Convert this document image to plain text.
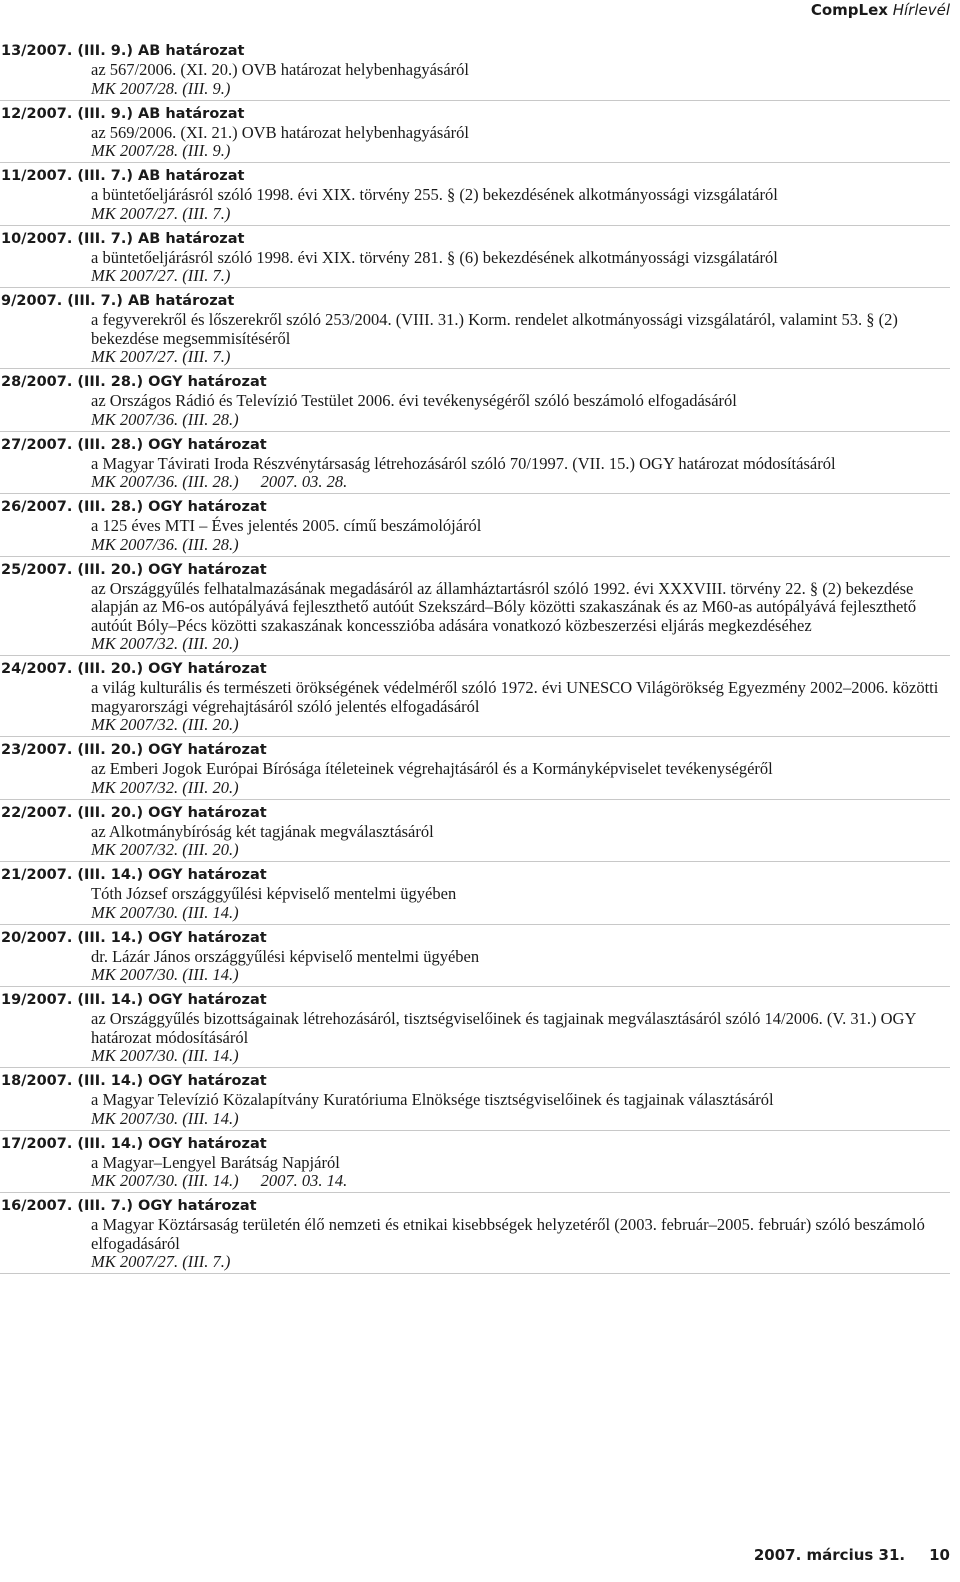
CompLex Hírlevél
13/2007. (III. 9.) AB határozat
az 567/2006. (XI. 20.) OVB határozat helybenhagyásáról
MK 2007/28. (III. 9.)
12/2007. (III. 9.) AB határozat
az 569/2006. (XI. 21.) OVB határozat helybenhagyásáról
MK 2007/28. (III. 9.)
11/2007. (III. 7.) AB határozat
a büntetőeljárásról szóló 1998. évi XIX. törvény 255. § (2) bekezdésének alkotmányossági vizsgálatáról
MK 2007/27. (III. 7.)
10/2007. (III. 7.) AB határozat
a büntetőeljárásról szóló 1998. évi XIX. törvény 281. § (6) bekezdésének alkotmányossági vizsgálatáról
MK 2007/27. (III. 7.)
9/2007. (III. 7.) AB határozat
a fegyverekről és lőszerekről szóló 253/2004. (VIII. 31.) Korm. rendelet alkotmányossági vizsgálatáról, valamint 53. § (2) bekezdése megsemmisítéséről
MK 2007/27. (III. 7.)
28/2007. (III. 28.) OGY határozat
az Országos Rádió és Televízió Testület 2006. évi tevékenységéről szóló beszámoló elfogadásáról
MK 2007/36. (III. 28.)
27/2007. (III. 28.) OGY határozat
a Magyar Távirati Iroda Részvénytársaság létrehozásáról szóló 70/1997. (VII. 15.) OGY határozat módosításáról
MK 2007/36. (III. 28.) 2007. 03. 28.
26/2007. (III. 28.) OGY határozat
a 125 éves MTI – Éves jelentés 2005. című beszámolójáról
MK 2007/36. (III. 28.)
25/2007. (III. 20.) OGY határozat
az Országgyűlés felhatalmazásának megadásáról az államháztartásról szóló 1992. évi XXXVIII. törvény 22. § (2) bekezdése alapján az M6-os autópályává fejleszthető autóút Szekszárd–Bóly közötti szakaszának és az M60-as autópályává fejleszthető autóút Bóly–Pécs közötti szakaszának koncesszióba adására vonatkozó közbeszerzési eljárás megkezdéséhez
MK 2007/32. (III. 20.)
24/2007. (III. 20.) OGY határozat
a világ kulturális és természeti örökségének védelméről szóló 1972. évi UNESCO Világörökség Egyezmény 2002–2006. közötti magyarországi végrehajtásáról szóló jelentés elfogadásáról
MK 2007/32. (III. 20.)
23/2007. (III. 20.) OGY határozat
az Emberi Jogok Európai Bírósága ítéleteinek végrehajtásáról és a Kormányképviselet tevékenységéről
MK 2007/32. (III. 20.)
22/2007. (III. 20.) OGY határozat
az Alkotmánybíróság két tagjának megválasztásáról
MK 2007/32. (III. 20.)
21/2007. (III. 14.) OGY határozat
Tóth József országgyűlési képviselő mentelmi ügyében
MK 2007/30. (III. 14.)
20/2007. (III. 14.) OGY határozat
dr. Lázár János országgyűlési képviselő mentelmi ügyében
MK 2007/30. (III. 14.)
19/2007. (III. 14.) OGY határozat
az Országgyűlés bizottságainak létrehozásáról, tisztségviselőinek és tagjainak megválasztásáról szóló 14/2006. (V. 31.) OGY határozat módosításáról
MK 2007/30. (III. 14.)
18/2007. (III. 14.) OGY határozat
a Magyar Televízió Közalapítvány Kuratóriuma Elnöksége tisztségviselőinek és tagjainak választásáról
MK 2007/30. (III. 14.)
17/2007. (III. 14.) OGY határozat
a Magyar–Lengyel Barátság Napjáról
MK 2007/30. (III. 14.) 2007. 03. 14.
16/2007. (III. 7.) OGY határozat
a Magyar Köztársaság területén élő nemzeti és etnikai kisebbségek helyzetéről (2003. február–2005. február) szóló beszámoló elfogadásáról
MK 2007/27. (III. 7.)
2007. március 31. 10
